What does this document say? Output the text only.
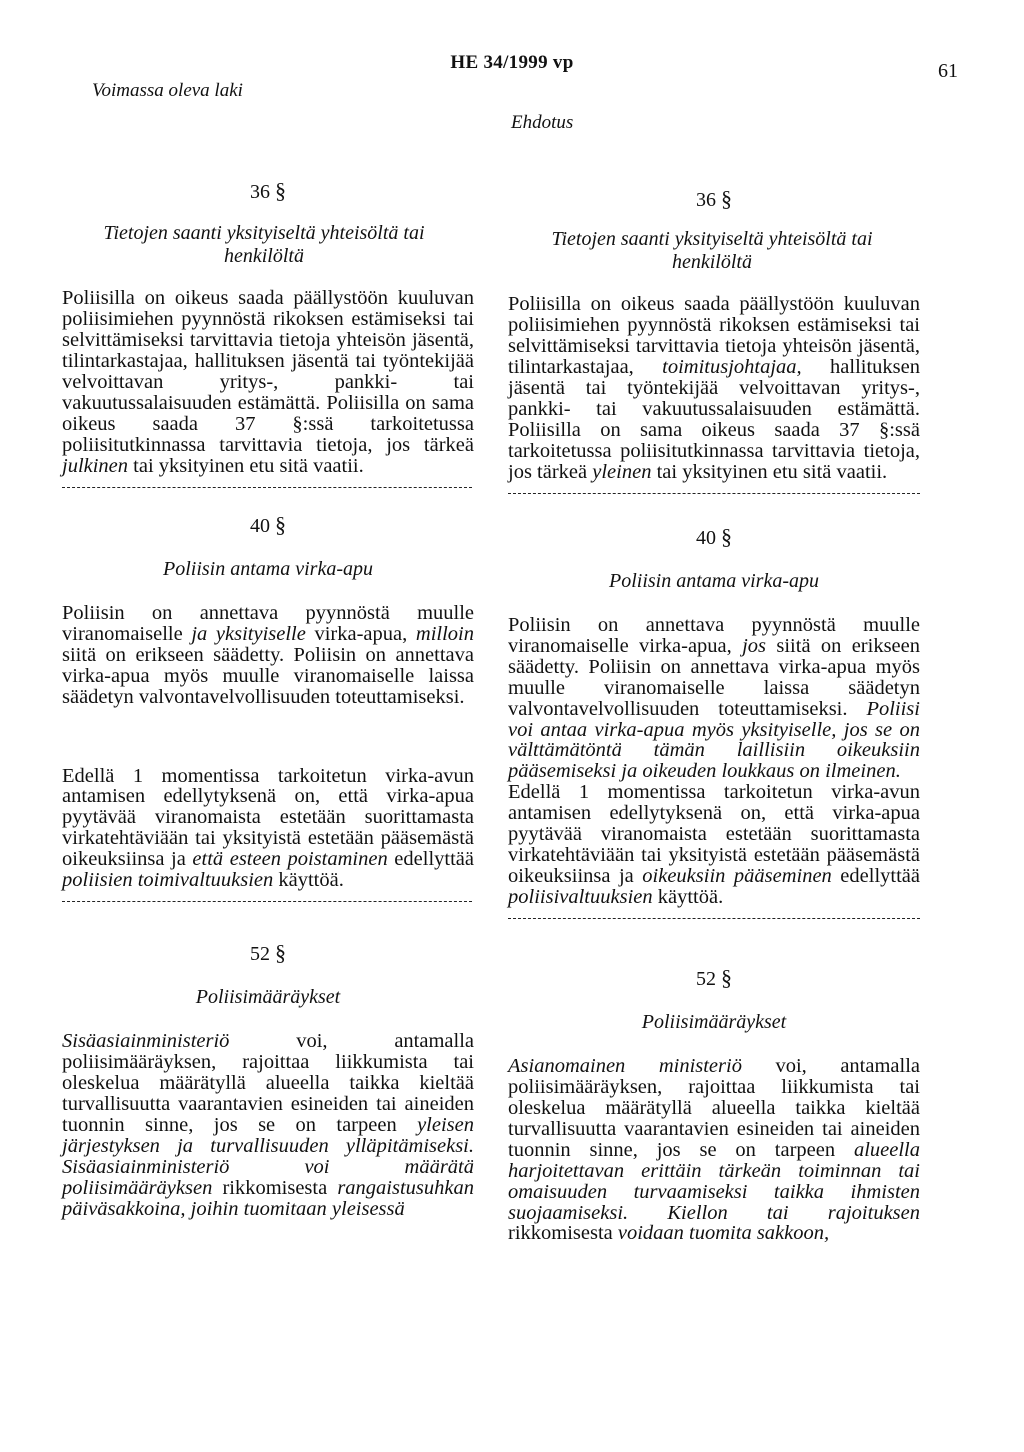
HE 34/1999 vp	61
Voimassa oleva laki
Ehdotus
36 §
Tietojen saanti yksityiseltä yhteisöltä tai henkilöltä

Poliisilla on oikeus saada päällystöön kuuluvan poliisimiehen pyynnöstä rikoksen estämiseksi tai selvittämiseksi tarvittavia tietoja yhteisön jäsentä, tilintarkastajaa, hallituksen jäsentä tai työntekijää velvoittavan yritys-, pankki- tai vakuutussalaisuuden estämättä. Poliisilla on sama oikeus saada 37 §:ssä tarkoitetussa poliisitutkinnassa tarvittavia tietoja, jos tärkeä julkinen tai yksityinen etu sitä vaatii.

40 §
Poliisin antama virka-apu

Poliisin on annettava pyynnöstä muulle viranomaiselle ja yksityiselle virka-apua, milloin siitä on erikseen säädetty. Poliisin on annettava virka-apua myös muulle viranomaiselle laissa säädetyn valvontavelvollisuuden toteuttamiseksi.

Edellä 1 momentissa tarkoitetun virka-avun antamisen edellytyksenä on, että virka-apua pyytävää viranomaista estetään suorittamasta virkatehtäviään tai yksityistä estetään pääsemästä oikeuksiinsa ja että esteen poistaminen edellyttää poliisien toimivaltuuksien käyttöä.

52 §
Poliisimääräykset

Sisäasiainministeriö voi, antamalla poliisimääräyksen, rajoittaa liikkumista tai oleskelua määrätyllä alueella taikka kieltää turvallisuutta vaarantavien esineiden tai aineiden tuonnin sinne, jos se on tarpeen yleisen järjestyksen ja turvallisuuden ylläpitämiseksi. Sisäasiainministeriö voi määrätä poliisimääräyksen rikkomisesta rangaistusuhkan päiväsakkoina, joihin tuomitaan yleisessä

36 §
Tietojen saanti yksityiseltä yhteisöltä tai henkilöltä

Poliisilla on oikeus saada päällystöön kuuluvan poliisimiehen pyynnöstä rikoksen estämiseksi tai selvittämiseksi tarvittavia tietoja yhteisön jäsentä, tilintarkastajaa, toimitusjohtajaa, hallituksen jäsentä tai työntekijää velvoittavan yritys-, pankki- tai vakuutussalaisuuden estämättä. Poliisilla on sama oikeus saada 37 §:ssä tarkoitetussa poliisitutkinnassa tarvittavia tietoja, jos tärkeä yleinen tai yksityinen etu sitä vaatii.

40 §
Poliisin antama virka-apu

Poliisin on annettava pyynnöstä muulle viranomaiselle virka-apua, jos siitä on erikseen säädetty. Poliisin on annettava virka-apua myös muulle viranomaiselle laissa säädetyn valvontavelvollisuuden toteuttamiseksi. Poliisi voi antaa virka-apua myös yksityiselle, jos se on välttämätöntä tämän laillisiin oikeuksiin pääsemiseksi ja oikeuden loukkaus on ilmeinen.

Edellä 1 momentissa tarkoitetun virka-avun antamisen edellytyksenä on, että virka-apua pyytävää viranomaista estetään suorittamasta virkatehtäviään tai yksityistä estetään pääsemästä oikeuksiinsa ja oikeuksiin pääseminen edellyttää poliisivaltuuksien käyttöä.

52 §
Poliisimääräykset

Asianomainen ministeriö voi, antamalla poliisimääräyksen, rajoittaa liikkumista tai oleskelua määrätyllä alueella taikka kieltää turvallisuutta vaarantavien esineiden tai aineiden tuonnin sinne, jos se on tarpeen alueella harjoitettavan erittäin tärkeän toiminnan tai omaisuuden turvaamiseksi taikka ihmisten suojaamiseksi. Kiellon tai rajoituksen rikkomisesta voidaan tuomita sakkoon,
